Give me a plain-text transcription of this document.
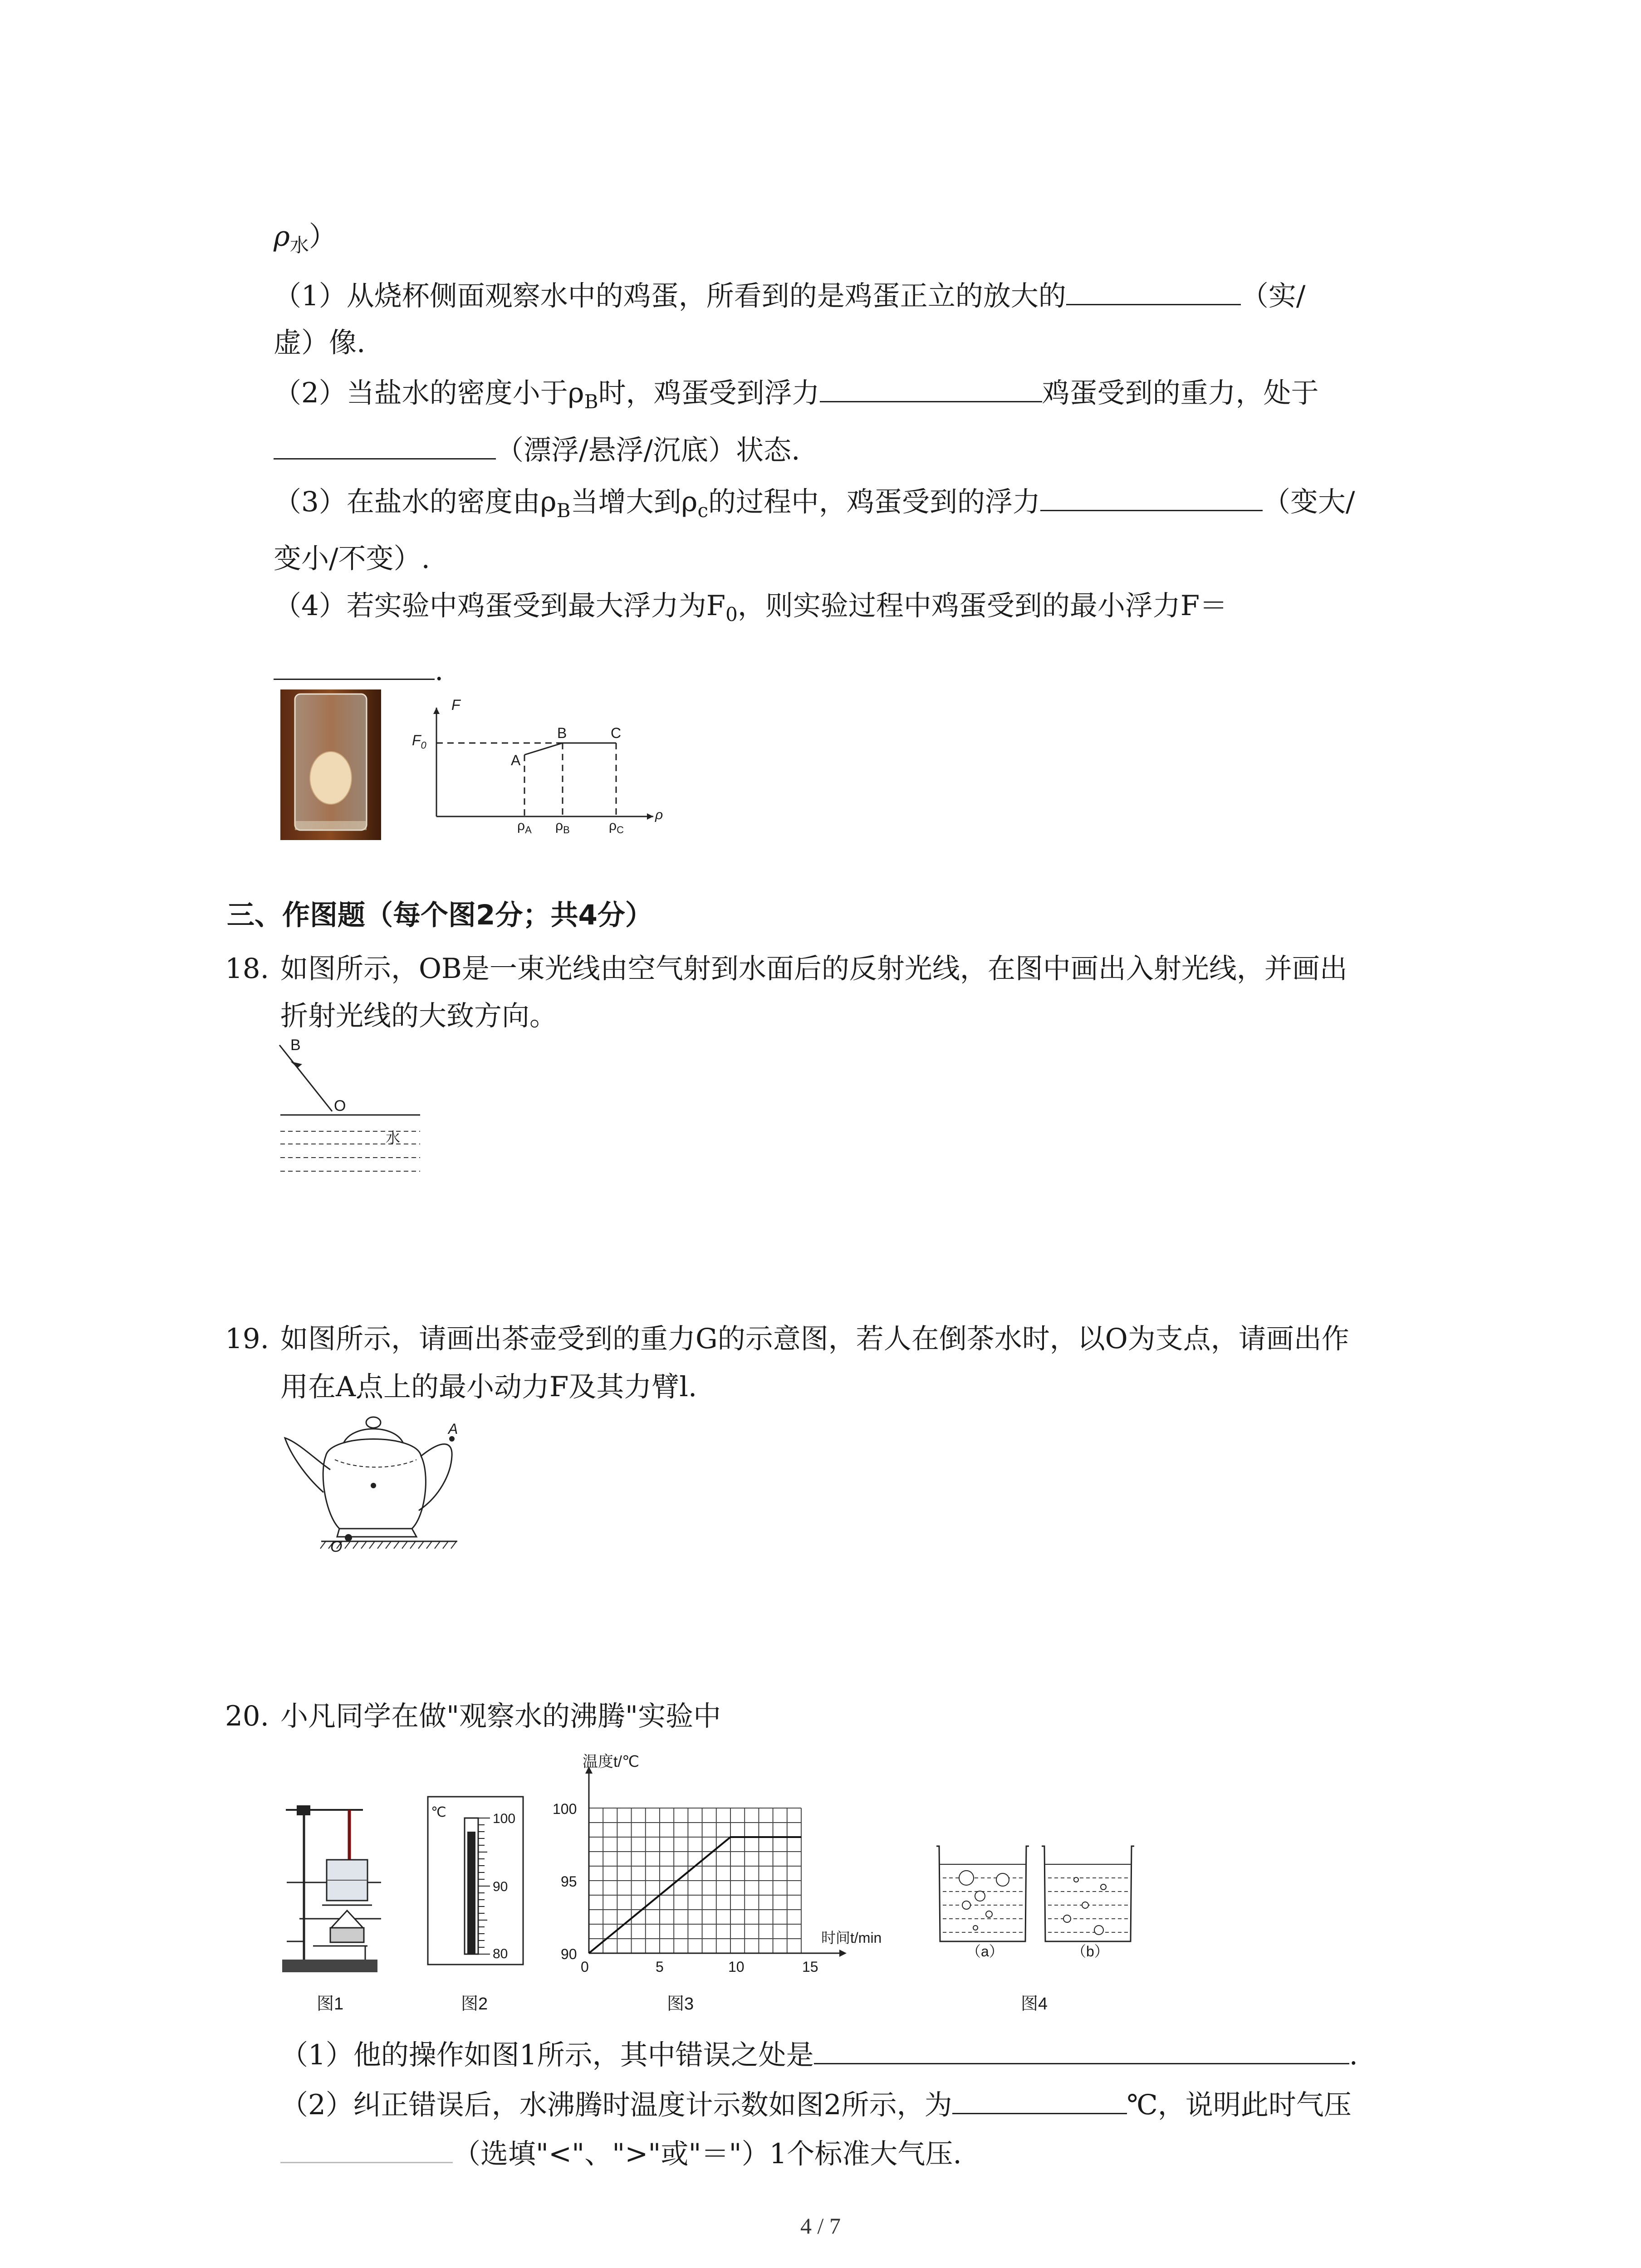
$\rho_水$）
（1）从烧杯侧面观察水中的鸡蛋，所看到的是鸡蛋正立的放大的	（实/
虚）像.
（2）当盐水的密度小于$\rho_B$时，鸡蛋受到浮力	鸡蛋受到的重力，处于
（漂浮/悬浮/沉底）状态.
（3）在盐水的密度由$\rho_B$当增大到$\rho_c$的过程中，鸡蛋受到的浮力	（变大/
变小/不变）.
（4）若实验中鸡蛋受到最大浮力为$F_0$，则实验过程中鸡蛋受到的最小浮力F＝
.
F
$F_0$
A
B	C
$\rho_A$ $\rho_B$	$\rho_C$
ρ
三、作图题（每个图2分；共4分）
18. 如图所示，OB是一束光线由空气射到水面后的反射光线，在图中画出入射光线，并画出
折射光线的大致方向。
B
O
水
19. 如图所示，请画出茶壶受到的重力G的示意图，若人在倒茶水时，以O为支点，请画出作
用在A点上的最小动力F及其力臂l.
A
O
20. 小凡同学在做"观察水的沸腾"实验中
℃	100
90
80
温度t/℃
时间t/min
100
95
90
0	5	10	15
（a）	（b）
图1	图2	图3	图4
（1）他的操作如图1所示，其中错误之处是	.
（2）纠正错误后，水沸腾时温度计示数如图2所示，为	℃，说明此时气压
（选填"<"、">"或"＝"）1个标准大气压.
4 / 7
